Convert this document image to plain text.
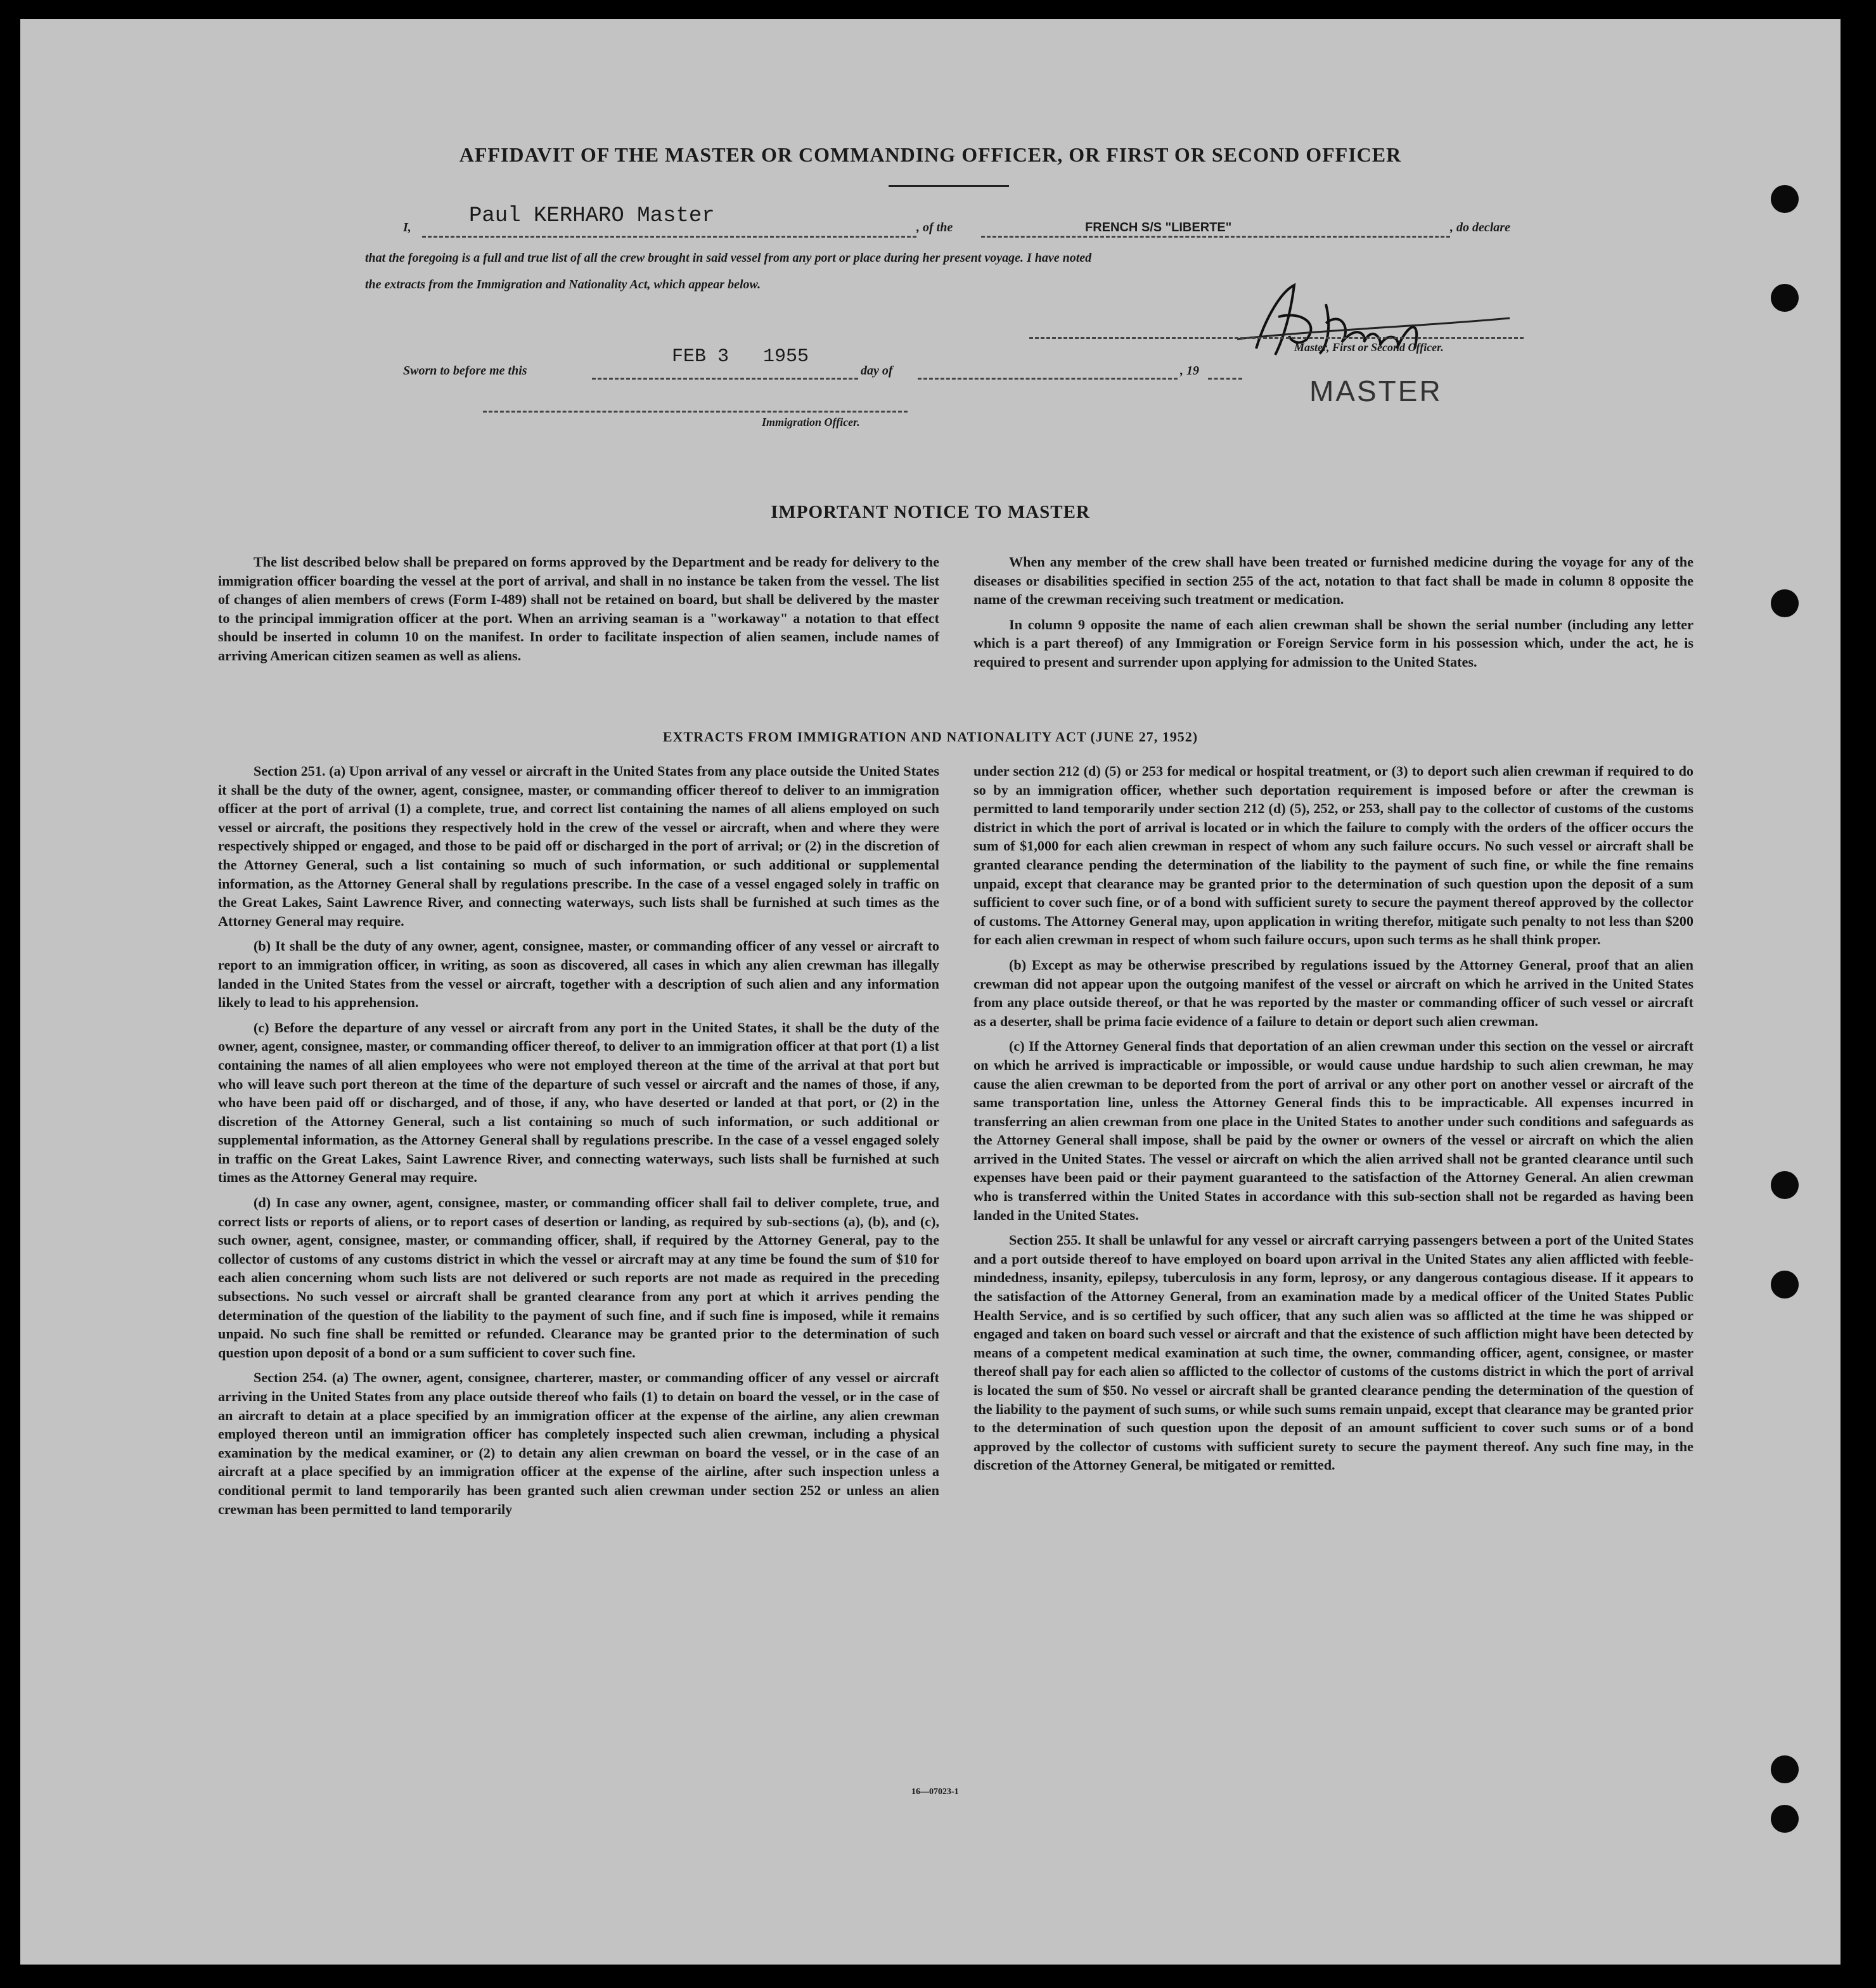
AFFIDAVIT OF THE MASTER OR COMMANDING OFFICER, OR FIRST OR SECOND OFFICER
I,	Paul KERHARO Master	, of the	FRENCH S/S "LIBERTE"	, do declare
that the foregoing is a full and true list of all the crew brought in said vessel from any port or place during her present voyage. I have noted
the extracts from the Immigration and Nationality Act, which appear below.
Master, First or Second Officer.
Sworn to before me this
FEB 3   1955
day of	, 19
MASTER
Immigration Officer.
IMPORTANT NOTICE TO MASTER

The list described below shall be prepared on forms approved by the Department and be ready for delivery to the immigration officer boarding the vessel at the port of arrival, and shall in no instance be taken from the vessel. The list of changes of alien members of crews (Form I-489) shall not be retained on board, but shall be delivered by the master to the principal immigration officer at the port. When an arriving seaman is a "workaway" a notation to that effect should be inserted in column 10 on the manifest. In order to facilitate inspection of alien seamen, include names of arriving American citizen seamen as well as aliens.

When any member of the crew shall have been treated or furnished medicine during the voyage for any of the diseases or disabilities specified in section 255 of the act, notation to that fact shall be made in column 8 opposite the name of the crewman receiving such treatment or medication.

In column 9 opposite the name of each alien crewman shall be shown the serial number (including any letter which is a part thereof) of any Immigration or Foreign Service form in his possession which, under the act, he is required to present and surrender upon applying for admission to the United States.

EXTRACTS FROM IMMIGRATION AND NATIONALITY ACT (JUNE 27, 1952)

Section 251. (a) Upon arrival of any vessel or aircraft in the United States from any place outside the United States it shall be the duty of the owner, agent, consignee, master, or commanding officer thereof to deliver to an immigration officer at the port of arrival (1) a complete, true, and correct list containing the names of all aliens employed on such vessel or aircraft, the positions they respectively hold in the crew of the vessel or aircraft, when and where they were respectively shipped or engaged, and those to be paid off or discharged in the port of arrival; or (2) in the discretion of the Attorney General, such a list containing so much of such information, or such additional or supplemental information, as the Attorney General shall by regulations prescribe. In the case of a vessel engaged solely in traffic on the Great Lakes, Saint Lawrence River, and connecting waterways, such lists shall be furnished at such times as the Attorney General may require.

(b) It shall be the duty of any owner, agent, consignee, master, or commanding officer of any vessel or aircraft to report to an immigration officer, in writing, as soon as discovered, all cases in which any alien crewman has illegally landed in the United States from the vessel or aircraft, together with a description of such alien and any information likely to lead to his apprehension.

(c) Before the departure of any vessel or aircraft from any port in the United States, it shall be the duty of the owner, agent, consignee, master, or commanding officer thereof, to deliver to an immigration officer at that port (1) a list containing the names of all alien employees who were not employed thereon at the time of the arrival at that port but who will leave such port thereon at the time of the departure of such vessel or aircraft and the names of those, if any, who have been paid off or discharged, and of those, if any, who have deserted or landed at that port, or (2) in the discretion of the Attorney General, such a list containing so much of such information, or such additional or supplemental information, as the Attorney General shall by regulations prescribe. In the case of a vessel engaged solely in traffic on the Great Lakes, Saint Lawrence River, and connecting waterways, such lists shall be furnished at such times as the Attorney General may require.

(d) In case any owner, agent, consignee, master, or commanding officer shall fail to deliver complete, true, and correct lists or reports of aliens, or to report cases of desertion or landing, as required by sub-sections (a), (b), and (c), such owner, agent, consignee, master, or commanding officer, shall, if required by the Attorney General, pay to the collector of customs of any customs district in which the vessel or aircraft may at any time be found the sum of $10 for each alien concerning whom such lists are not delivered or such reports are not made as required in the preceding subsections. No such vessel or aircraft shall be granted clearance from any port at which it arrives pending the determination of the question of the liability to the payment of such fine, and if such fine is imposed, while it remains unpaid. No such fine shall be remitted or refunded. Clearance may be granted prior to the determination of such question upon deposit of a bond or a sum sufficient to cover such fine.

Section 254. (a) The owner, agent, consignee, charterer, master, or commanding officer of any vessel or aircraft arriving in the United States from any place outside thereof who fails (1) to detain on board the vessel, or in the case of an aircraft to detain at a place specified by an immigration officer at the expense of the airline, any alien crewman employed thereon until an immigration officer has completely inspected such alien crewman, including a physical examination by the medical examiner, or (2) to detain any alien crewman on board the vessel, or in the case of an aircraft at a place specified by an immigration officer at the expense of the airline, after such inspection unless a conditional permit to land temporarily has been granted such alien crewman under section 252 or unless an alien crewman has been permitted to land temporarily

under section 212 (d) (5) or 253 for medical or hospital treatment, or (3) to deport such alien crewman if required to do so by an immigration officer, whether such deportation requirement is imposed before or after the crewman is permitted to land temporarily under section 212 (d) (5), 252, or 253, shall pay to the collector of customs of the customs district in which the port of arrival is located or in which the failure to comply with the orders of the officer occurs the sum of $1,000 for each alien crewman in respect of whom any such failure occurs. No such vessel or aircraft shall be granted clearance pending the determination of the liability to the payment of such fine, or while the fine remains unpaid, except that clearance may be granted prior to the determination of such question upon the deposit of a sum sufficient to cover such fine, or of a bond with sufficient surety to secure the payment thereof approved by the collector of customs. The Attorney General may, upon application in writing therefor, mitigate such penalty to not less than $200 for each alien crewman in respect of whom such failure occurs, upon such terms as he shall think proper.

(b) Except as may be otherwise prescribed by regulations issued by the Attorney General, proof that an alien crewman did not appear upon the outgoing manifest of the vessel or aircraft on which he arrived in the United States from any place outside thereof, or that he was reported by the master or commanding officer of such vessel or aircraft as a deserter, shall be prima facie evidence of a failure to detain or deport such alien crewman.

(c) If the Attorney General finds that deportation of an alien crewman under this section on the vessel or aircraft on which he arrived is impracticable or impossible, or would cause undue hardship to such alien crewman, he may cause the alien crewman to be deported from the port of arrival or any other port on another vessel or aircraft of the same transportation line, unless the Attorney General finds this to be impracticable. All expenses incurred in transferring an alien crewman from one place in the United States to another under such conditions and safeguards as the Attorney General shall impose, shall be paid by the owner or owners of the vessel or aircraft on which the alien arrived in the United States. The vessel or aircraft on which the alien arrived shall not be granted clearance until such expenses have been paid or their payment guaranteed to the satisfaction of the Attorney General. An alien crewman who is transferred within the United States in accordance with this sub-section shall not be regarded as having been landed in the United States.

Section 255. It shall be unlawful for any vessel or aircraft carrying passengers between a port of the United States and a port outside thereof to have employed on board upon arrival in the United States any alien afflicted with feeble-mindedness, insanity, epilepsy, tuberculosis in any form, leprosy, or any dangerous contagious disease. If it appears to the satisfaction of the Attorney General, from an examination made by a medical officer of the United States Public Health Service, and is so certified by such officer, that any such alien was so afflicted at the time he was shipped or engaged and taken on board such vessel or aircraft and that the existence of such affliction might have been detected by means of a competent medical examination at such time, the owner, commanding officer, agent, consignee, or master thereof shall pay for each alien so afflicted to the collector of customs of the customs district in which the port of arrival is located the sum of $50. No vessel or aircraft shall be granted clearance pending the determination of the question of the liability to the payment of such sums, or while such sums remain unpaid, except that clearance may be granted prior to the determination of such question upon the deposit of an amount sufficient to cover such sums or of a bond approved by the collector of customs with sufficient surety to secure the payment thereof. Any such fine may, in the discretion of the Attorney General, be mitigated or remitted.

16—07023-1
